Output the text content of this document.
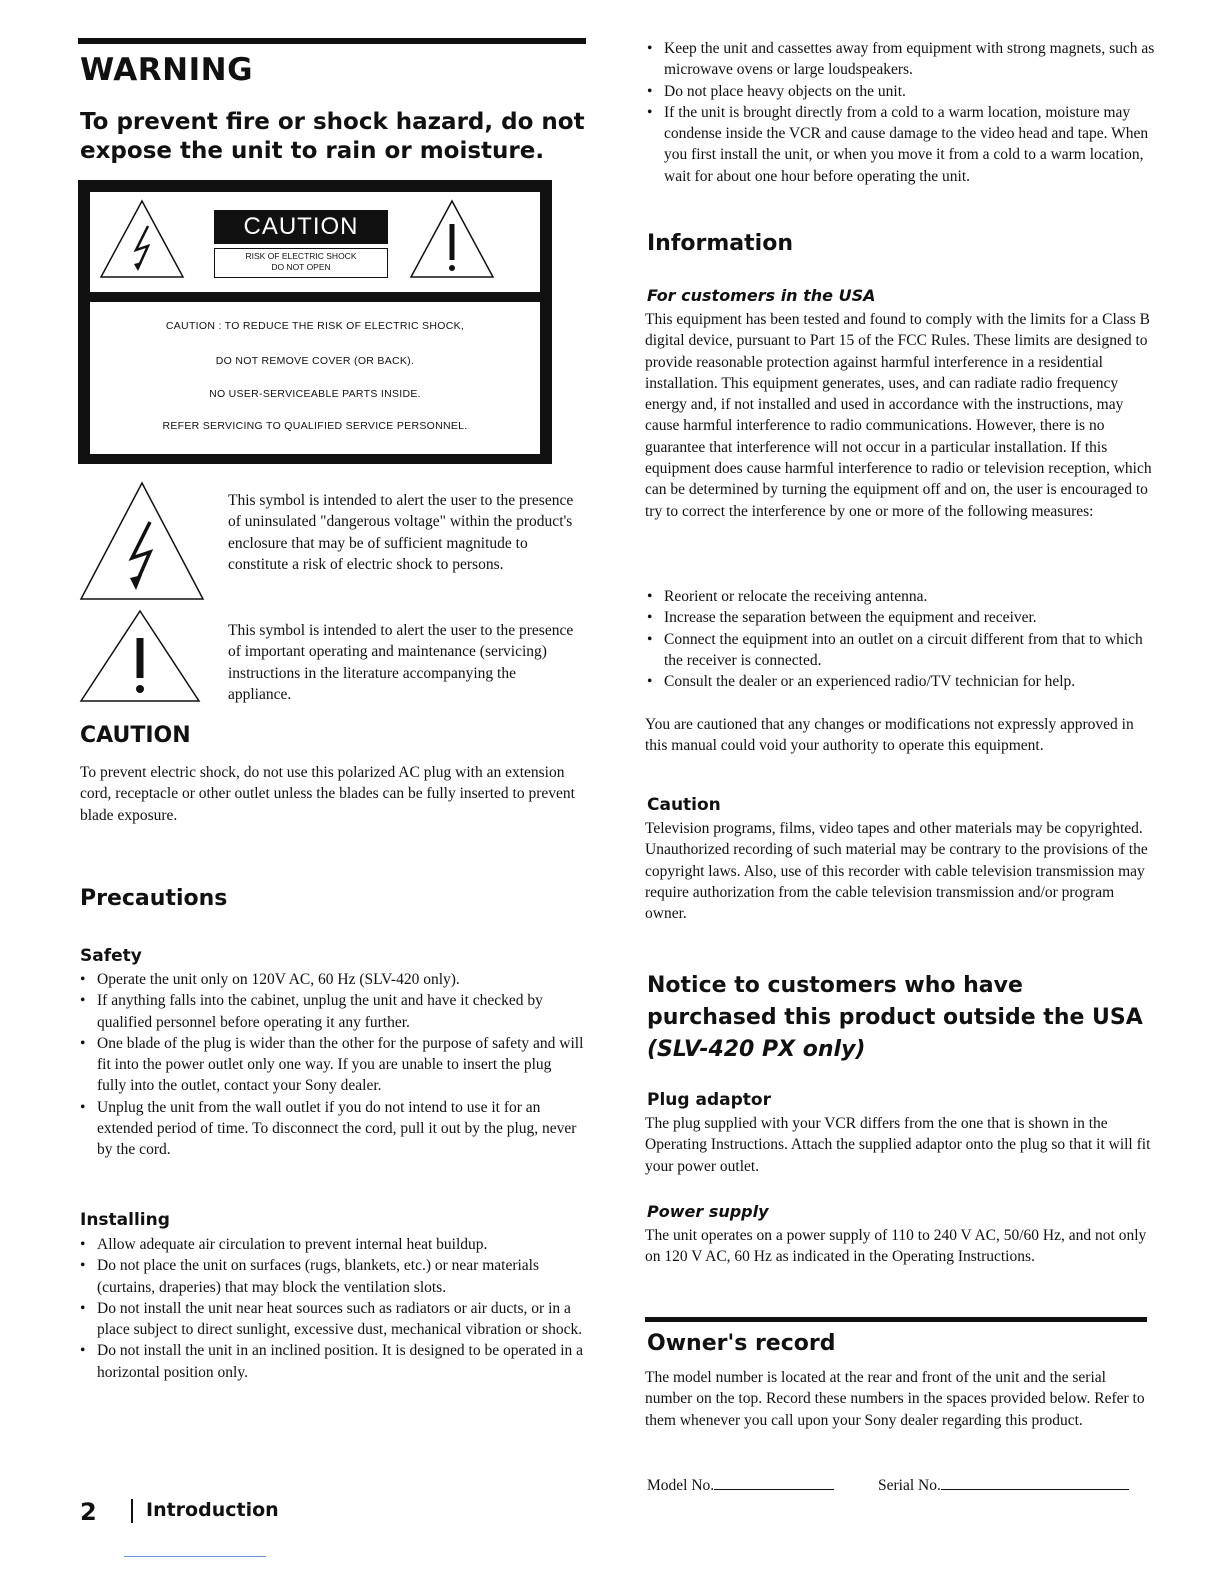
WARNING
To prevent fire or shock hazard, do not expose the unit to rain or moisture.
CAUTION
RISK OF ELECTRIC SHOCK
DO NOT OPEN
CAUTION : TO REDUCE THE RISK OF ELECTRIC SHOCK,
DO NOT REMOVE COVER (OR BACK).
NO USER-SERVICEABLE PARTS INSIDE.
REFER SERVICING TO QUALIFIED SERVICE PERSONNEL.
This symbol is intended to alert the user to the presence of uninsulated "dangerous voltage" within the product's enclosure that may be of sufficient magnitude to constitute a risk of electric shock to persons.
This symbol is intended to alert the user to the presence of important operating and maintenance (servicing) instructions in the literature accompanying the appliance.
CAUTION
To prevent electric shock, do not use this polarized AC plug with an extension cord, receptacle or other outlet unless the blades can be fully inserted to prevent blade exposure.
Precautions
Safety
• Operate the unit only on 120V AC, 60 Hz (SLV-420 only).
• If anything falls into the cabinet, unplug the unit and have it checked by qualified personnel before operating it any further.
• One blade of the plug is wider than the other for the purpose of safety and will fit into the power outlet only one way. If you are unable to insert the plug fully into the outlet, contact your Sony dealer.
• Unplug the unit from the wall outlet if you do not intend to use it for an extended period of time. To disconnect the cord, pull it out by the plug, never by the cord.
Installing
• Allow adequate air circulation to prevent internal heat buildup.
• Do not place the unit on surfaces (rugs, blankets, etc.) or near materials (curtains, draperies) that may block the ventilation slots.
• Do not install the unit near heat sources such as radiators or air ducts, or in a place subject to direct sunlight, excessive dust, mechanical vibration or shock.
• Do not install the unit in an inclined position. It is designed to be operated in a horizontal position only.
2	Introduction
• Keep the unit and cassettes away from equipment with strong magnets, such as microwave ovens or large loudspeakers.
• Do not place heavy objects on the unit.
• If the unit is brought directly from a cold to a warm location, moisture may condense inside the VCR and cause damage to the video head and tape. When you first install the unit, or when you move it from a cold to a warm location, wait for about one hour before operating the unit.
Information
For customers in the USA
This equipment has been tested and found to comply with the limits for a Class B digital device, pursuant to Part 15 of the FCC Rules. These limits are designed to provide reasonable protection against harmful interference in a residential installation. This equipment generates, uses, and can radiate radio frequency energy and, if not installed and used in accordance with the instructions, may cause harmful interference to radio communications. However, there is no guarantee that interference will not occur in a particular installation. If this equipment does cause harmful interference to radio or television reception, which can be determined by turning the equipment off and on, the user is encouraged to try to correct the interference by one or more of the following measures:
• Reorient or relocate the receiving antenna.
• Increase the separation between the equipment and receiver.
• Connect the equipment into an outlet on a circuit different from that to which the receiver is connected.
• Consult the dealer or an experienced radio/TV technician for help.
You are cautioned that any changes or modifications not expressly approved in this manual could void your authority to operate this equipment.
Caution
Television programs, films, video tapes and other materials may be copyrighted. Unauthorized recording of such material may be contrary to the provisions of the copyright laws. Also, use of this recorder with cable television transmission may require authorization from the cable television transmission and/or program owner.
Notice to customers who have
purchased this product outside the USA
(SLV-420 PX only)
Plug adaptor
The plug supplied with your VCR differs from the one that is shown in the Operating Instructions. Attach the supplied adaptor onto the plug so that it will fit your power outlet.
Power supply
The unit operates on a power supply of 110 to 240 V AC, 50/60 Hz, and not only on 120 V AC, 60 Hz as indicated in the Operating Instructions.
Owner's record
The model number is located at the rear and front of the unit and the serial number on the top. Record these numbers in the spaces provided below. Refer to them whenever you call upon your Sony dealer regarding this product.
Model No.	Serial No.
